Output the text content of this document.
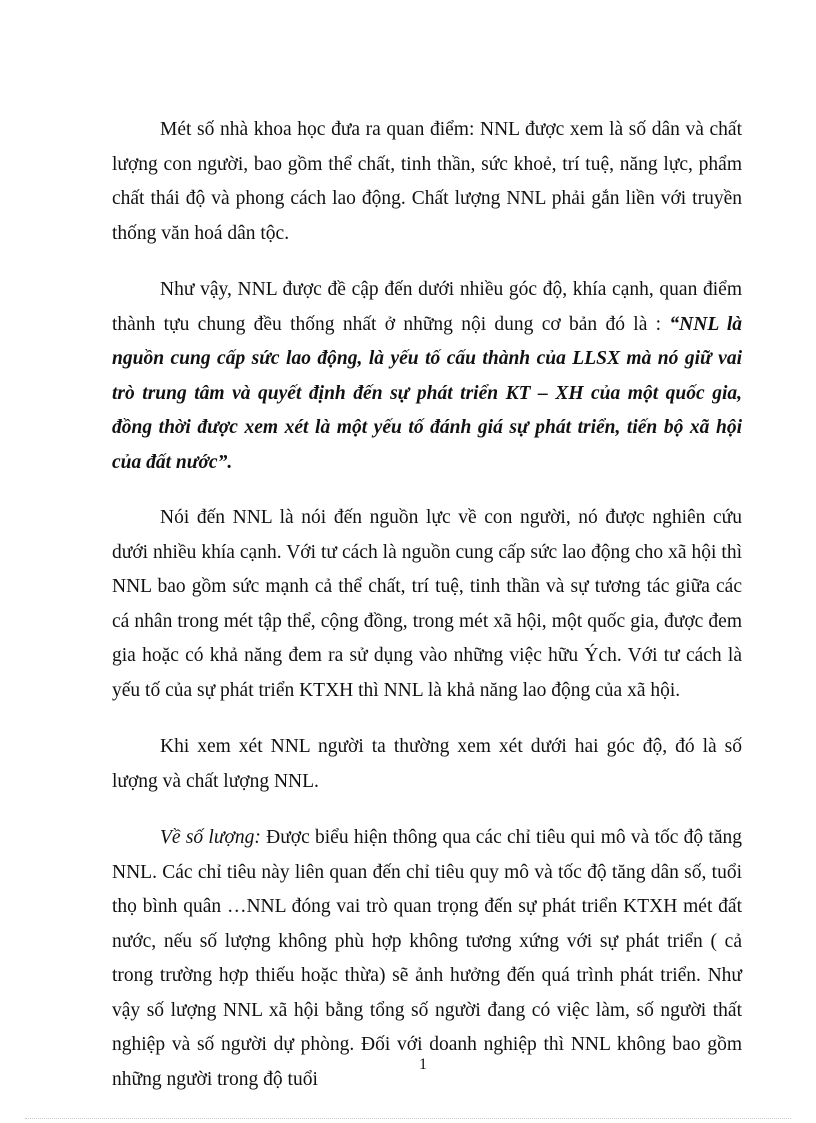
Mét số nhà khoa học đưa ra quan điểm: NNL được xem là số dân và chất lượng con người, bao gồm thể chất, tinh thần, sức khoẻ, trí tuệ, năng lực, phẩm chất thái độ và phong cách lao động. Chất lượng NNL phải gắn liền với truyền thống văn hoá dân tộc.

Như vậy, NNL được đề cập đến dưới nhiều góc độ, khía cạnh, quan điểm thành tựu chung đều thống nhất ở những nội dung cơ bản đó là : “NNL là nguồn cung cấp sức lao động, là yếu tố cấu thành của LLSX mà nó giữ vai trò trung tâm và quyết định đến sự phát triển KT – XH của một quốc gia, đồng thời được xem xét là một yếu tố đánh giá sự phát triển, tiến bộ xã hội của đất nước”.

Nói đến NNL là nói đến nguồn lực về con người, nó được nghiên cứu dưới nhiều khía cạnh. Với tư cách là nguồn cung cấp sức lao động cho xã hội thì NNL bao gồm sức mạnh cả thể chất, trí tuệ, tinh thần và sự tương tác giữa các cá nhân trong mét tập thể, cộng đồng, trong mét xã hội, một quốc gia, được đem gia hoặc có khả năng đem ra sử dụng vào những việc hữu Ých. Với tư cách là yếu tố của sự phát triển KTXH thì NNL là khả năng lao động của xã hội.

Khi xem xét NNL người ta thường xem xét dưới hai góc độ, đó là số lượng và chất lượng NNL.

Về số lượng: Được biểu hiện thông qua các chỉ tiêu qui mô và tốc độ tăng NNL. Các chỉ tiêu này liên quan đến chỉ tiêu quy mô và tốc độ tăng dân số, tuổi thọ bình quân …NNL đóng vai trò quan trọng đến sự phát triển KTXH mét đất nước, nếu số lượng không phù hợp không tương xứng với sự phát triển ( cả trong trường hợp thiếu hoặc thừa) sẽ ảnh hưởng đến quá trình phát triển. Như vậy số lượng NNL xã hội bằng tổng số người đang có việc làm, số người thất nghiệp và số người dự phòng. Đối với doanh nghiệp thì NNL không bao gồm những người trong độ tuổi

1
